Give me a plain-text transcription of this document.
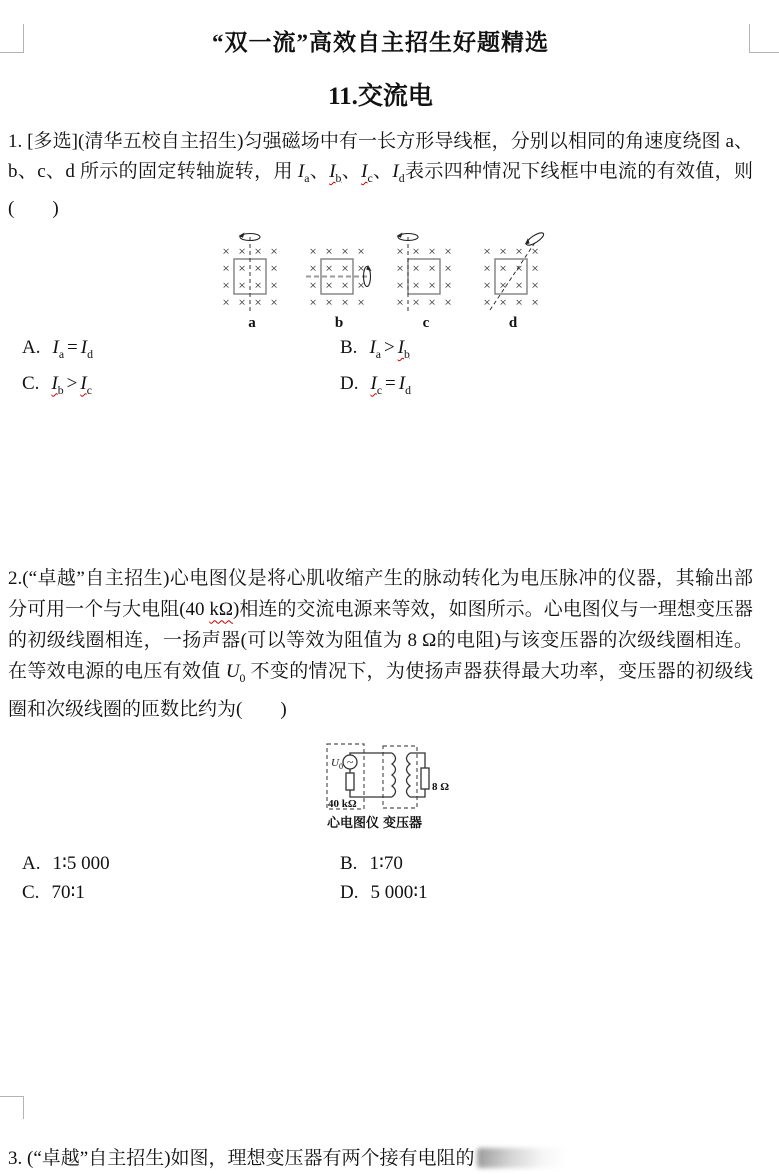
“双一流”高效自主招生好题精选
11.交流电
1. [多选](清华五校自主招生)匀强磁场中有一长方形导线框，分别以相同的角速度绕图 a、b、c、d 所示的固定转轴旋转，用 $I_a$、$I_b$、$I_c$、$I_d$表示四种情况下线框中电流的有效值，则(　　)
× × × ×
× × × ×
× × × ×
× × × ×
a
× × × ×
× × × ×
× × × ×
× × × ×
b
× × × ×
× × × ×
× × × ×
× × × ×
c
× × × ×
× × × ×
× × × ×
× × × ×
d
A. $I_a = I_d$	B. $I_a > I_b$
C. $I_b > I_c$	D. $I_c = I_d$
2.(“卓越”自主招生)心电图仪是将心肌收缩产生的脉动转化为电压脉冲的仪器，其输出部分可用一个与大电阻(40 kΩ)相连的交流电源来等效，如图所示。心电图仪与一理想变压器的初级线圈相连，一扬声器(可以等效为阻值为 8 Ω的电阻)与该变压器的次级线圈相连。在等效电源的电压有效值 $U_0$ 不变的情况下，为使扬声器获得最大功率，变压器的初级线圈和次级线圈的匝数比约为(　　)
~
U 0
40 kΩ
8 Ω
心电图仪 变压器
A. 1∶5 000	B. 1∶70
C. 70∶1	D. 5 000∶1
3. (“卓越”自主招生)如图，理想变压器有两个接有电阻的
